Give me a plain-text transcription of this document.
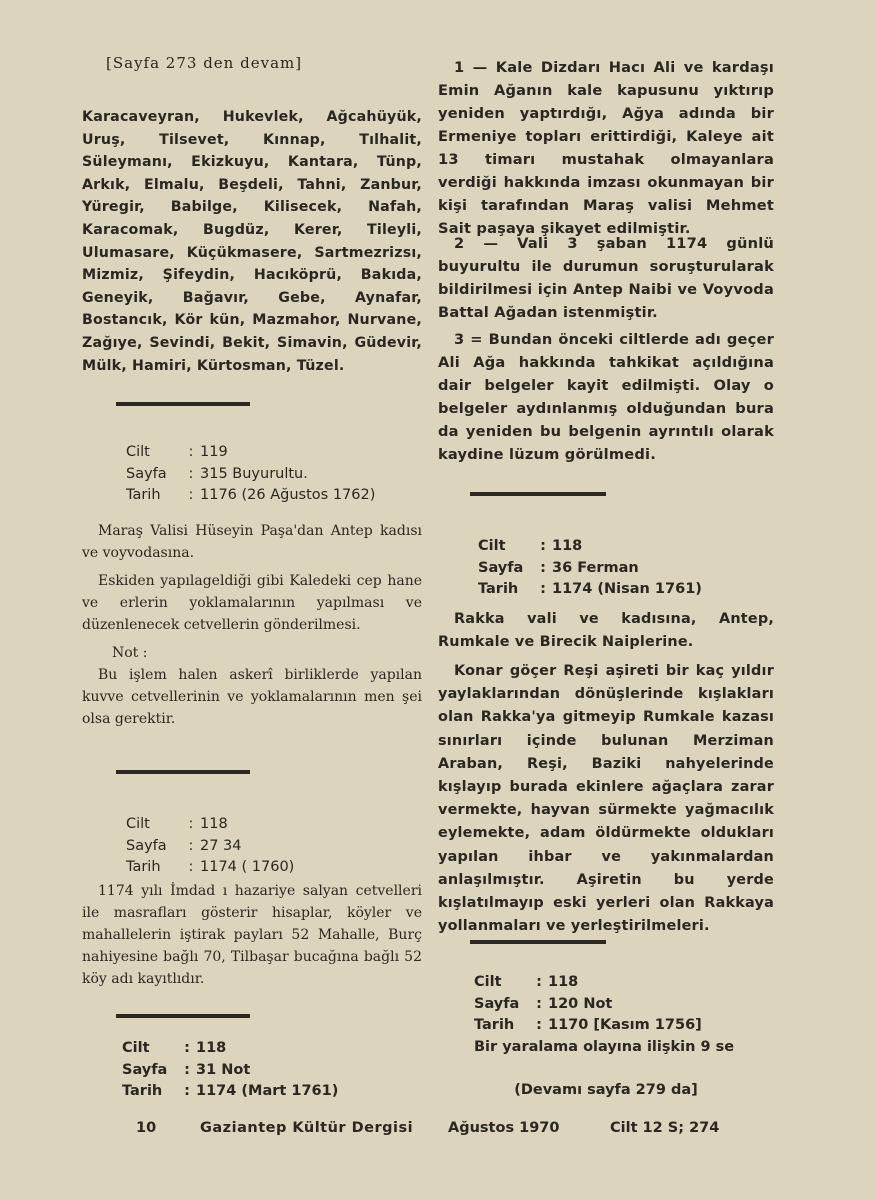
[Sayfa 273 den devam]

Karacaveyran, Hukevlek, Ağcahüyük, Uruş, Tilsevet, Kınnap, Tılhalit, Süleymanı, Ekizkuyu, Kantara, Tünp, Arkık, Elmalu, Beşdeli, Tahni, Zanbur, Yüregir, Babilge, Kilisecek, Nafah, Karacomak, Bugdüz, Kerer, Tileyli, Ulumasare, Küçükmasere, Sartmezrizsı, Mizmiz, Şifeydin, Hacıköprü, Bakıda, Geneyik, Bağavır, Gebe, Aynafar, Bostancık, Kör kün, Mazmahor, Nurvane, Zağıye, Sevindi, Bekit, Simavin, Güdevir, Mülk, Hamiri, Kürtosman, Tüzel.

Cilt	: 119
Sayfa	: 315 Buyurultu.
Tarih	: 1176 (26 Ağustos 1762)

Maraş Valisi Hüseyin Paşa'dan Antep kadısı ve voyvodasına.

Eskiden yapılageldiği gibi Kaledeki cep hane ve erlerin yoklamalarının yapılması ve düzenlenecek cetvellerin gönderilmesi.

Not :

Bu işlem halen askerî birliklerde yapılan kuvve cetvellerinin ve yoklamalarının men şei olsa gerektir.

Cilt	: 118
Sayfa	: 27 34
Tarih	: 1174 ( 1760)

1174 yılı İmdad ı hazariye salyan cetvelleri ile masrafları gösterir hisaplar, köyler ve mahallelerin iştirak payları 52 Mahalle, Burç nahiyesine bağlı 70, Tilbaşar bucağına bağlı 52 köy adı kayıtlıdır.

Cilt	: 118
Sayfa	: 31 Not
Tarih	: 1174 (Mart 1761)

1 — Kale Dizdarı Hacı Ali ve kardaşı Emin Ağanın kale kapusunu yıktırıp yeniden yaptırdığı, Ağya adında bir Ermeniye topları erittirdiği, Kaleye ait 13 timarı mustahak olmayanlara verdiği hakkında imzası okunmayan bir kişi tarafından Maraş valisi Mehmet Sait paşaya şikayet edilmiştir.

2 — Vali 3 şaban 1174 günlü buyurultu ile durumun soruşturularak bildirilmesi için Antep Naibi ve Voyvoda Battal Ağadan istenmiştir.

3 = Bundan önceki ciltlerde adı geçer Ali Ağa hakkında tahkikat açıldığına dair belgeler kayit edilmişti. Olay o belgeler aydınlanmış olduğundan bura da yeniden bu belgenin ayrıntılı olarak kaydine lüzum görülmedi.

Cilt	: 118
Sayfa	: 36 Ferman
Tarih	: 1174 (Nisan 1761)

Rakka vali ve kadısına, Antep, Rumkale ve Birecik Naiplerine.

Konar göçer Reşi aşireti bir kaç yıldır yaylaklarından dönüşlerinde kışlakları olan Rakka'ya gitmeyip Rumkale kazası sınırları içinde bulunan Merziman Araban, Reşi, Baziki nahyelerinde kışlayıp burada ekinlere ağaçlara zarar vermekte, hayvan sürmekte yağmacılık eylemekte, adam öldürmekte oldukları yapılan ihbar ve yakınmalardan anlaşılmıştır. Aşiretin bu yerde kışlatılmayıp eski yerleri olan Rakkaya yollanmaları ve yerleştirilmeleri.

Cilt	: 118
Sayfa	: 120 Not
Tarih	: 1170 [Kasım 1756]
Bir yaralama olayına ilişkin 9 se
(Devamı sayfa 279 da]
10	Gaziantep Kültür Dergisi Ağustos 1970	Cilt 12 S; 274
